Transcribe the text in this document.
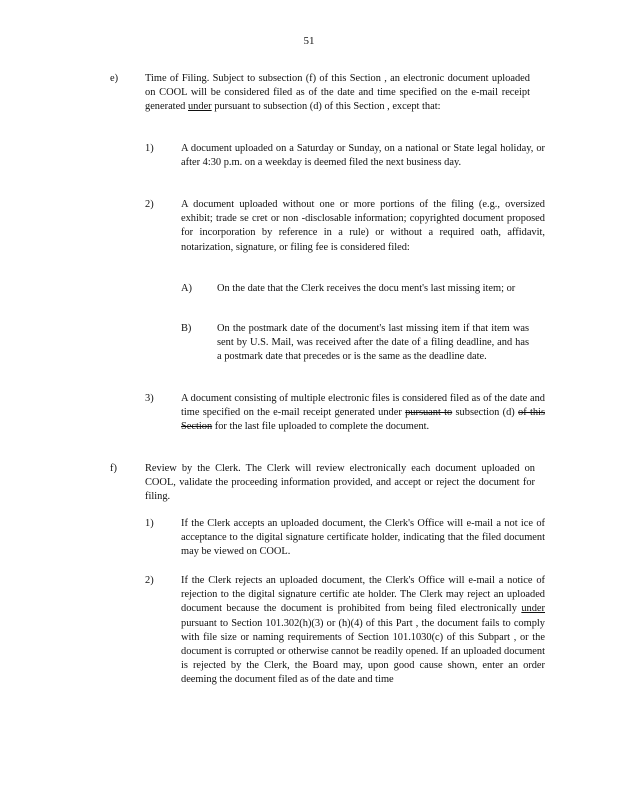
51
e)	Time of Filing. Subject to subsection (f) of this Section , an electronic document uploaded on COOL will be considered filed as of the date and time specified on the e-mail receipt generated under pursuant to subsection (d) of this Section , except that:
1)	A document uploaded on a Saturday or Sunday, on a national or State legal holiday, or after 4:30 p.m. on a weekday is deemed filed the next business day.
2)	A document uploaded without one or more portions of the filing (e.g., oversized exhibit; trade se cret or non -disclosable information; copyrighted document proposed for incorporation by reference in a rule) or without a required oath, affidavit, notarization, signature, or filing fee is considered filed:
A) On the date that the Clerk receives the docu ment's last missing item; or
B) On the postmark date of the document's last missing item if that item was sent by U.S. Mail, was received after the date of a filing deadline, and has a postmark date that precedes or is the same as the deadline date.
3)	A document consisting of multiple electronic files is considered filed as of the date and time specified on the e-mail receipt generated under pursuant to subsection (d) of this Section for the last file uploaded to complete the document.
f)	Review by the Clerk. The Clerk will review electronically each document uploaded on COOL, validate the proceeding information provided, and accept or reject the document for filing.
1)	If the Clerk accepts an uploaded document, the Clerk's Office will e-mail a not ice of acceptance to the digital signature certificate holder, indicating that the filed document may be viewed on COOL.
2)	If the Clerk rejects an uploaded document, the Clerk's Office will e-mail a notice of rejection to the digital signature certific ate holder. The Clerk may reject an uploaded document because the document is prohibited from being filed electronically under pursuant to Section 101.302(h)(3) or (h)(4) of this Part , the document fails to comply with file size or naming requirements of Section 101.1030(c) of this Subpart , or the document is corrupted or otherwise cannot be readily opened. If an uploaded document is rejected by the Clerk, the Board may, upon good cause shown, enter an order deeming the document filed as of the date and time
